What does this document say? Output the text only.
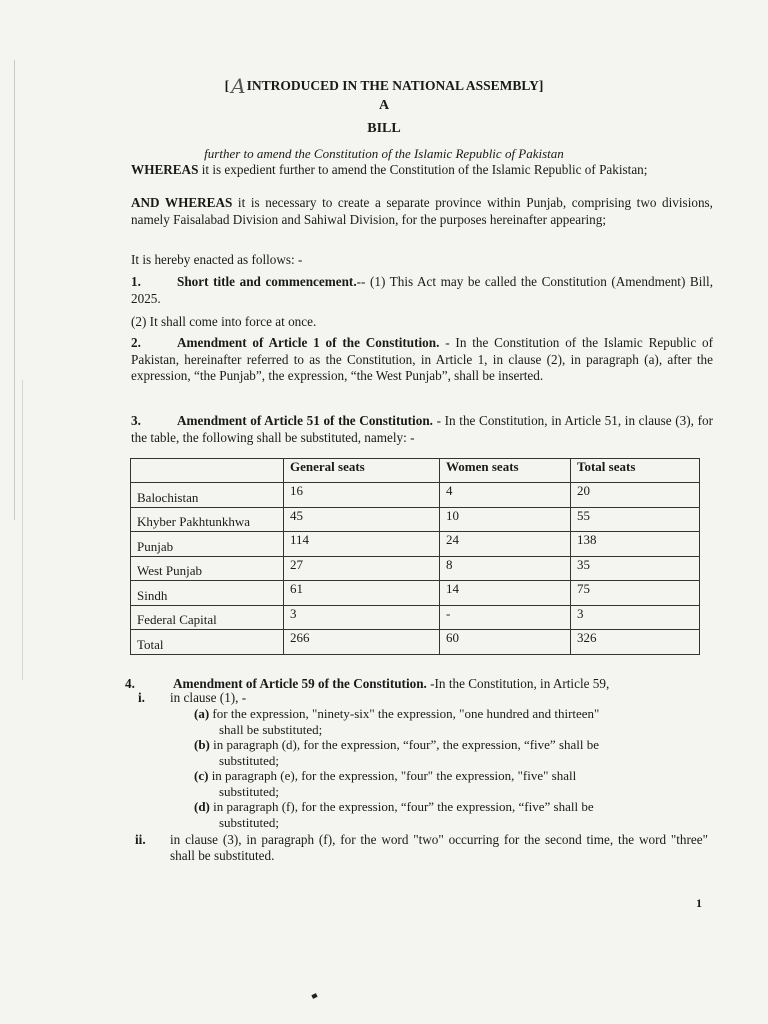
[ A INTRODUCED IN THE NATIONAL ASSEMBLY]
A
BILL
further to amend the Constitution of the Islamic Republic of Pakistan
WHEREAS it is expedient further to amend the Constitution of the Islamic Republic of Pakistan;
AND WHEREAS it is necessary to create a separate province within Punjab, comprising two divisions, namely Faisalabad Division and Sahiwal Division, for the purposes hereinafter appearing;
It is hereby enacted as follows: -
1.	Short title and commencement.-- (1) This Act may be called the Constitution (Amendment) Bill, 2025.
(2) It shall come into force at once.
2.	Amendment of Article 1 of the Constitution. - In the Constitution of the Islamic Republic of Pakistan, hereinafter referred to as the Constitution, in Article 1, in clause (2), in paragraph (a), after the expression, “the Punjab”, the expression, “the West Punjab”, shall be inserted.
3.	Amendment of Article 51 of the Constitution. - In the Constitution, in Article 51, in clause (3), for the table, the following shall be substituted, namely: -
	General seats	Women seats	Total seats
Balochistan	16	4	20
Khyber Pakhtunkhwa	45	10	55
Punjab	114	24	138
West Punjab	27	8	35
Sindh	61	14	75
Federal Capital	3	-	3
Total	266	60	326
4.	Amendment of Article 59 of the Constitution. -In the Constitution, in Article 59,
i. in clause (1), -
(a) for the expression, "ninety-six" the expression, "one hundred and thirteen"
shall be substituted;
(b) in paragraph (d), for the expression, “four”, the expression, “five” shall be
substituted;
(c) in paragraph (e), for the expression, "four" the expression, "five" shall
substituted;
(d) in paragraph (f), for the expression, “four” the expression, “five” shall be
substituted;
ii. in clause (3), in paragraph (f), for the word "two" occurring for the second time, the word "three" shall be substituted.
1
